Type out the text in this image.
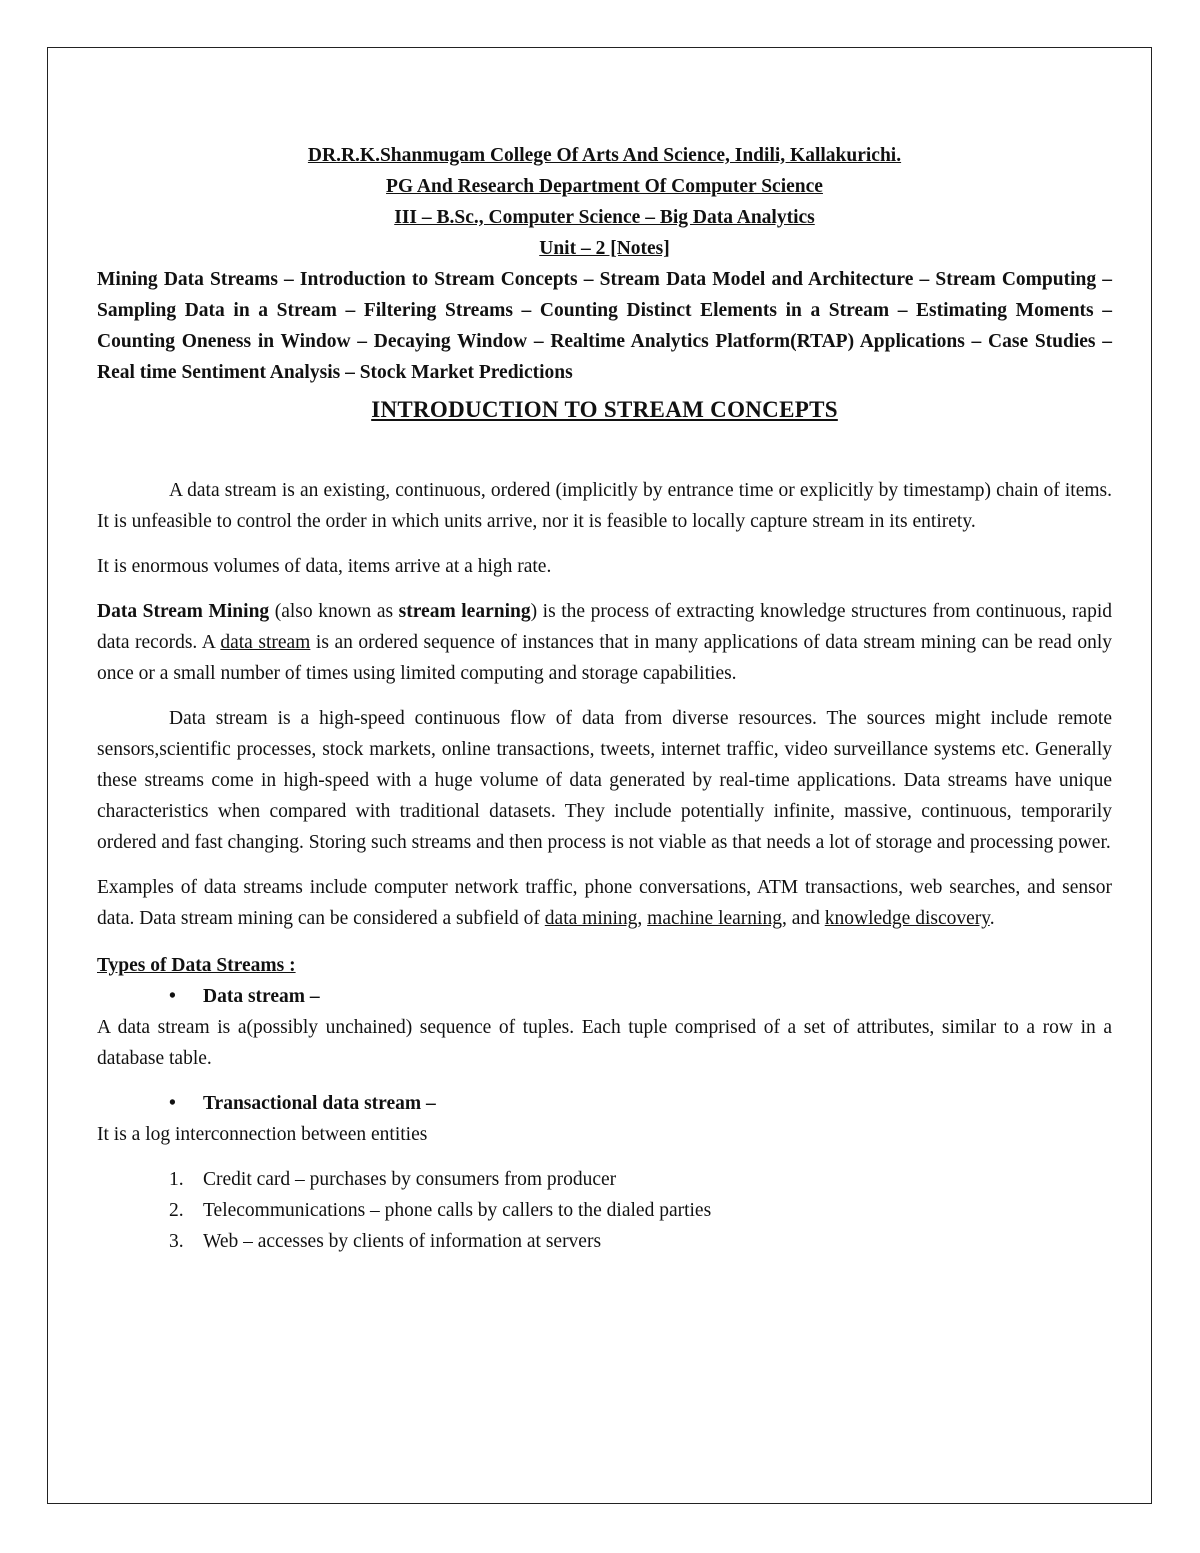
DR.R.K.Shanmugam College Of Arts And Science, Indili, Kallakurichi.

PG And Research Department Of Computer Science

III – B.Sc., Computer Science – Big Data Analytics

Unit – 2 [Notes]

Mining Data Streams – Introduction to Stream Concepts – Stream Data Model and Architecture – Stream Computing – Sampling Data in a Stream – Filtering Streams – Counting Distinct Elements in a Stream – Estimating Moments – Counting Oneness in Window – Decaying Window – Realtime Analytics Platform(RTAP) Applications – Case Studies – Real time Sentiment Analysis – Stock Market Predictions

INTRODUCTION TO STREAM CONCEPTS

A data stream is an existing, continuous, ordered (implicitly by entrance time or explicitly by timestamp) chain of items. It is unfeasible to control the order in which units arrive, nor it is feasible to locally capture stream in its entirety.

It is enormous volumes of data, items arrive at a high rate.

Data Stream Mining (also known as stream learning) is the process of extracting knowledge structures from continuous, rapid data records. A data stream is an ordered sequence of instances that in many applications of data stream mining can be read only once or a small number of times using limited computing and storage capabilities.

Data stream is a high-speed continuous flow of data from diverse resources. The sources might include remote sensors,scientific processes, stock markets, online transactions, tweets, internet traffic, video surveillance systems etc. Generally these streams come in high-speed with a huge volume of data generated by real-time applications. Data streams have unique characteristics when compared with traditional datasets. They include potentially infinite, massive, continuous, temporarily ordered and fast changing. Storing such streams and then process is not viable as that needs a lot of storage and processing power.

Examples of data streams include computer network traffic, phone conversations, ATM transactions, web searches, and sensor data. Data stream mining can be considered a subfield of data mining, machine learning, and knowledge discovery.

Types of Data Streams :
•	Data stream –

A data stream is a(possibly unchained) sequence of tuples. Each tuple comprised of a set of attributes, similar to a row in a database table.

•	Transactional data stream –

It is a log interconnection between entities

1. Credit card – purchases by consumers from producer
2. Telecommunications – phone calls by callers to the dialed parties
3. Web – accesses by clients of information at servers
